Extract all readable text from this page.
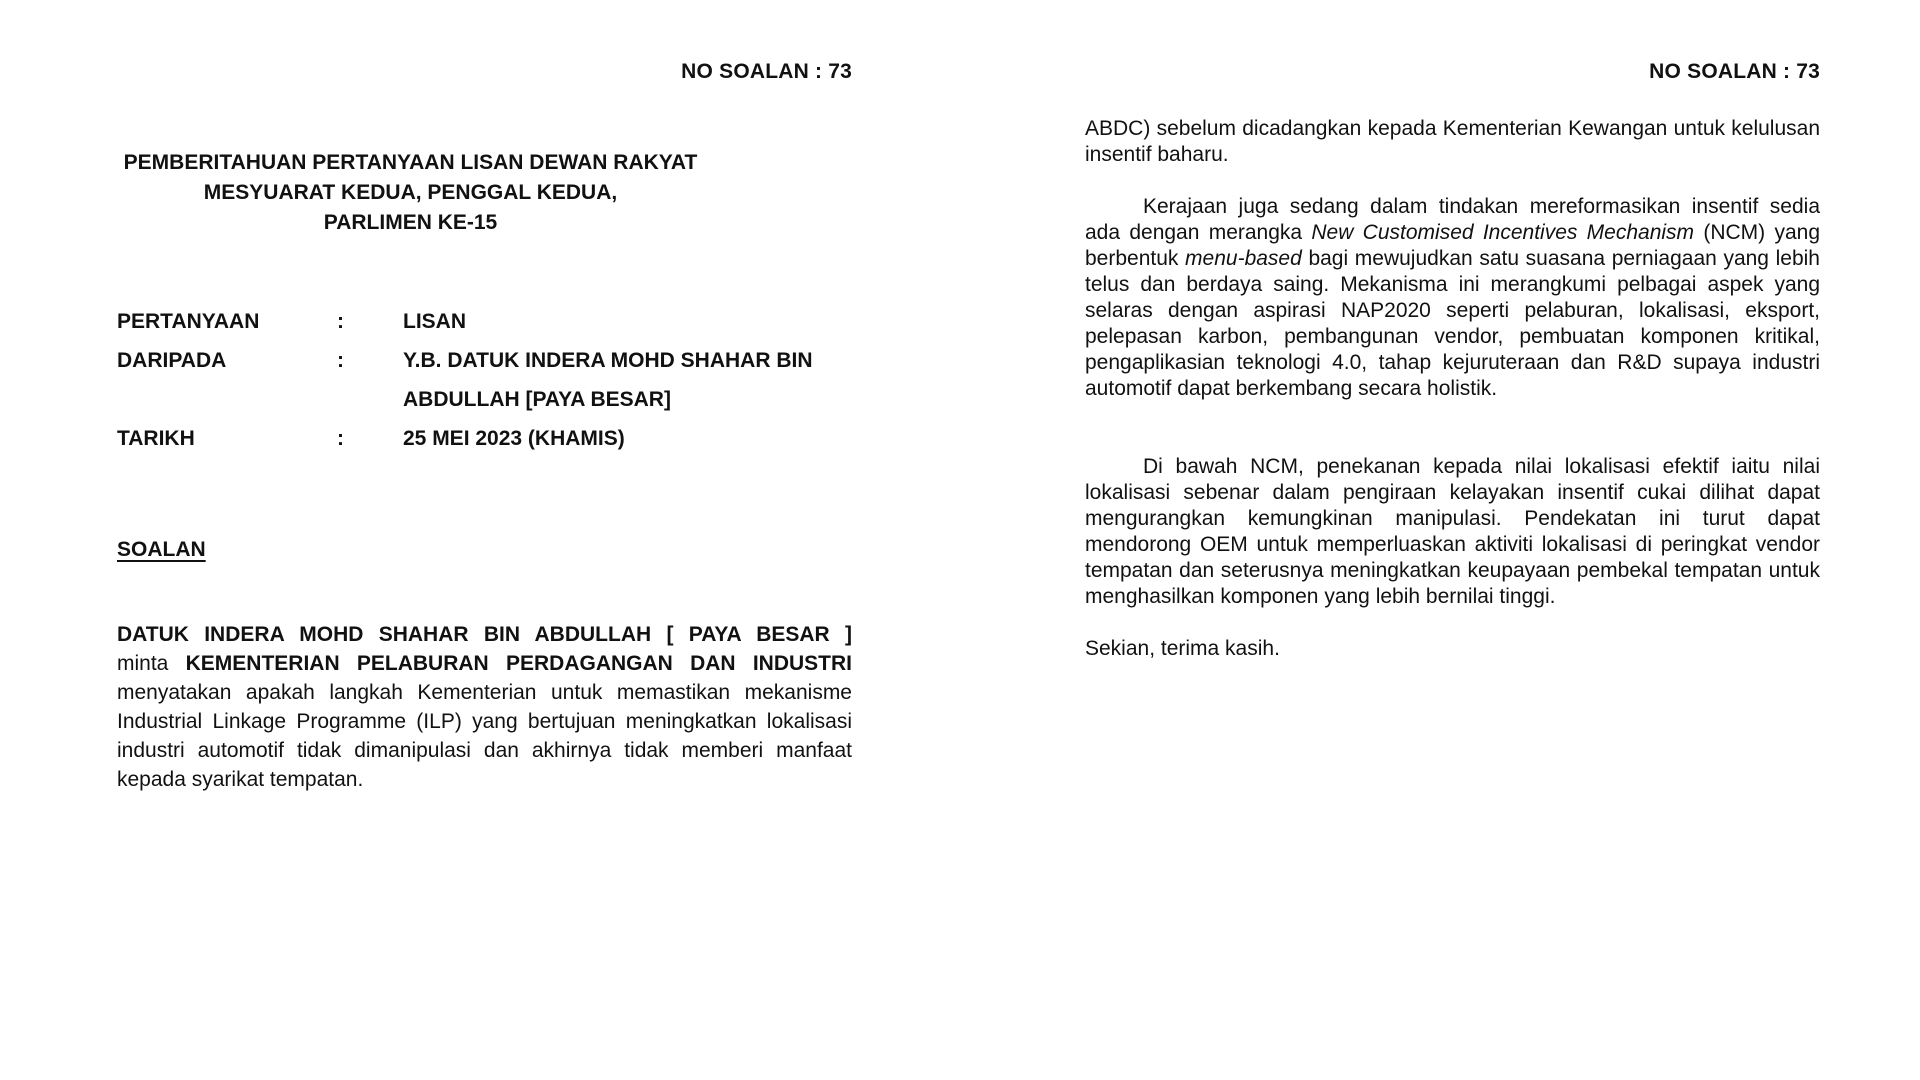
NO SOALAN : 73
PEMBERITAHUAN PERTANYAAN LISAN DEWAN RAKYAT
MESYUARAT KEDUA, PENGGAL KEDUA,
PARLIMEN KE-15
PERTANYAAN	:	LISAN
DARIPADA	:	Y.B. DATUK INDERA MOHD SHAHAR BIN
ABDULLAH [PAYA BESAR]
TARIKH	:	25 MEI 2023 (KHAMIS)
SOALAN
DATUK INDERA MOHD SHAHAR BIN ABDULLAH [ PAYA BESAR ]
minta KEMENTERIAN PELABURAN PERDAGANGAN DAN INDUSTRI menyatakan apakah langkah Kementerian untuk memastikan mekanisme Industrial Linkage Programme (ILP) yang bertujuan meningkatkan lokalisasi industri automotif tidak dimanipulasi dan akhirnya tidak memberi manfaat kepada syarikat tempatan.
NO SOALAN : 73

ABDC) sebelum dicadangkan kepada Kementerian Kewangan untuk kelulusan insentif baharu.

Kerajaan juga sedang dalam tindakan mereformasikan insentif sedia ada dengan merangka New Customised Incentives Mechanism (NCM) yang berbentuk menu-based bagi mewujudkan satu suasana perniagaan yang lebih telus dan berdaya saing. Mekanisma ini merangkumi pelbagai aspek yang selaras dengan aspirasi NAP2020 seperti pelaburan, lokalisasi, eksport, pelepasan karbon, pembangunan vendor, pembuatan komponen kritikal, pengaplikasian teknologi 4.0, tahap kejuruteraan dan R&D supaya industri automotif dapat berkembang secara holistik.

Di bawah NCM, penekanan kepada nilai lokalisasi efektif iaitu nilai lokalisasi sebenar dalam pengiraan kelayakan insentif cukai dilihat dapat mengurangkan kemungkinan manipulasi. Pendekatan ini turut dapat mendorong OEM untuk memperluaskan aktiviti lokalisasi di peringkat vendor tempatan dan seterusnya meningkatkan keupayaan pembekal tempatan untuk menghasilkan komponen yang lebih bernilai tinggi.

Sekian, terima kasih.
